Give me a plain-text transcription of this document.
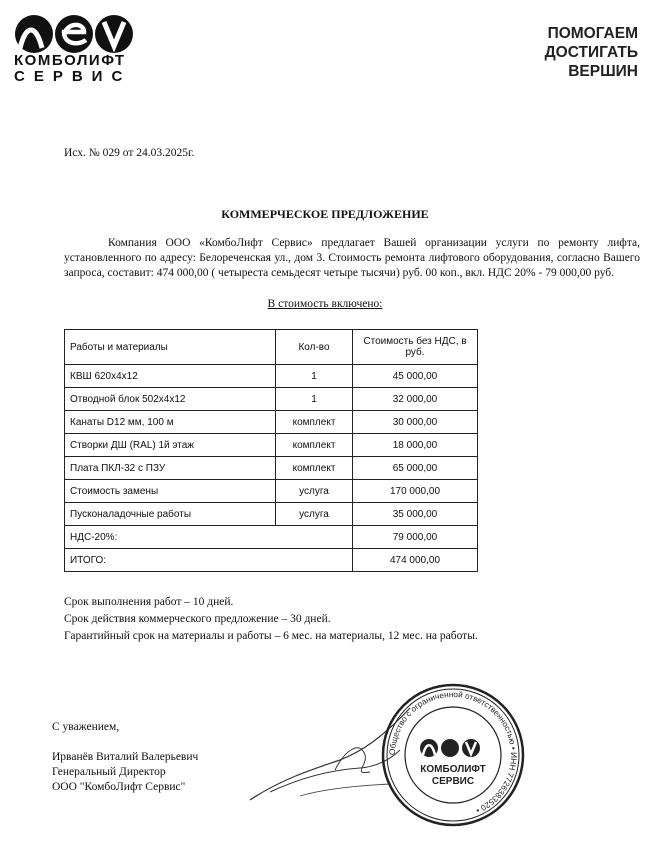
КОМБОЛИФТ
СЕРВИС
ПОМОГАЕМ
ДОСТИГАТЬ
ВЕРШИН
Исх. № 029 от 24.03.2025г.
КОММЕРЧЕСКОЕ ПРЕДЛОЖЕНИЕ
Компания ООО «КомбоЛифт Сервис» предлагает Вашей организации услуги по ремонту лифта, установленного по адресу: Белореченская ул., дом 3. Стоимость ремонта лифтового оборудования, согласно Вашего запроса, составит: 474 000,00 ( четыреста семьдесят четыре тысячи) руб. 00 коп., вкл. НДС 20% - 79 000,00 руб.
В стоимость включено:
Работы и материалы	Кол-во	Стоимость без НДС, в руб.
КВШ 620х4х12	1	45 000,00
Отводной блок 502х4х12	1	32 000,00
Канаты D12 мм, 100 м	комплект	30 000,00
Створки ДШ (RAL) 1й этаж	комплект	18 000,00
Плата ПКЛ-32 с ПЗУ	комплект	65 000,00
Стоимость замены	услуга	170 000,00
Пусконаладочные работы	услуга	35 000,00
НДС-20%:		79 000,00
ИТОГО:		474 000,00
Срок выполнения работ – 10 дней.
Срок действия коммерческого предложение – 30 дней.
Гарантийный срок на материалы и работы – 6 мес. на материалы, 12 мес. на работы.
С уважением,
Ирванёв Виталий Валерьевич
Генеральный Директор
ООО "КомбоЛифт Сервис"
Общество с ограниченной ответственностью • ИНН 7726383520 •
КОМБОЛИФТ
СЕРВИС
